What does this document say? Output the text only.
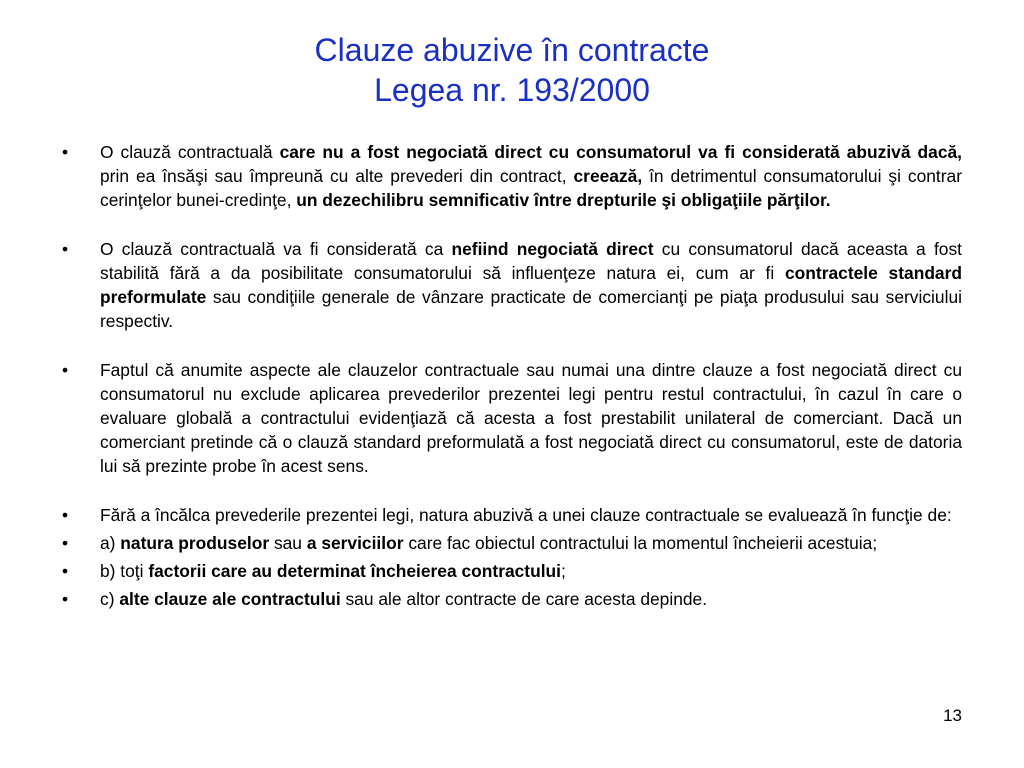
Clauze abuzive în contracte
Legea nr. 193/2000
•	O clauză contractuală care nu a fost negociată direct cu consumatorul va fi considerată abuzivă dacă, prin ea însăşi sau împreună cu alte prevederi din contract, creează, în detrimentul consumatorului şi contrar cerinţelor bunei-credinţe, un dezechilibru semnificativ între drepturile şi obligaţiile părţilor.
•	O clauză contractuală va fi considerată ca nefiind negociată direct cu consumatorul dacă aceasta a fost stabilită fără a da posibilitate consumatorului să influenţeze natura ei, cum ar fi contractele standard preformulate sau condiţiile generale de vânzare practicate de comercianţi pe piaţa produsului sau serviciului respectiv.
•	Faptul că anumite aspecte ale clauzelor contractuale sau numai una dintre clauze a fost negociată direct cu consumatorul nu exclude aplicarea prevederilor prezentei legi pentru restul contractului, în cazul în care o evaluare globală a contractului evidenţiază că acesta a fost prestabilit unilateral de comerciant. Dacă un comerciant pretinde că o clauză standard preformulată a fost negociată direct cu consumatorul, este de datoria lui să prezinte probe în acest sens.
•	Fără a încălca prevederile prezentei legi, natura abuzivă a unei clauze contractuale se evaluează în funcţie de:
•	a) natura produselor sau a serviciilor care fac obiectul contractului la momentul încheierii acestuia;
•	b) toţi factorii care au determinat încheierea contractului;
•	c) alte clauze ale contractului sau ale altor contracte de care acesta depinde.
13
